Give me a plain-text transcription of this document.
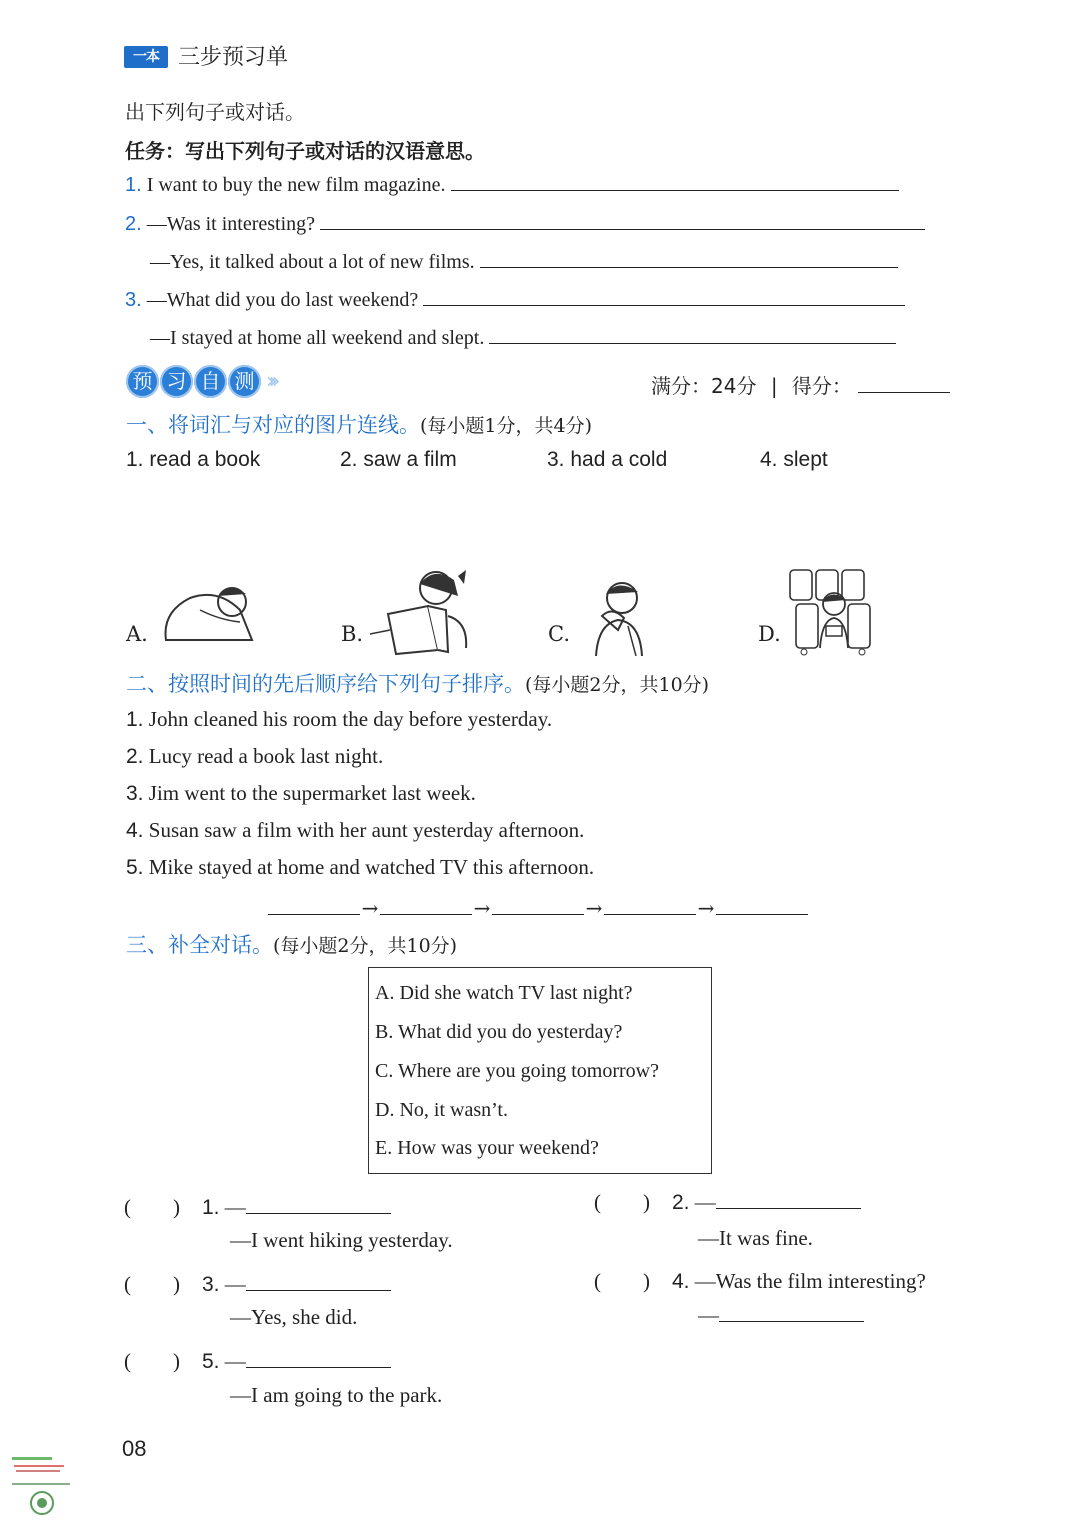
一本 三步预习单
出下列句子或对话。
任务：写出下列句子或对话的汉语意思。
1. I want to buy the new film magazine.
2. —Was it interesting?
—Yes, it talked about a lot of new films.
3. —What did you do last weekend?
—I stayed at home all weekend and slept.
预 习 自 测 ›››	满分：24分 | 得分：
一、将词汇与对应的图片连线。(每小题1分，共4分)
1. read a book	2. saw a film	3. had a cold	4. slept
A.	B.	C.	D.
二、按照时间的先后顺序给下列句子排序。(每小题2分，共10分)
1. John cleaned his room the day before yesterday.
2. Lucy read a book last night.
3. Jim went to the supermarket last week.
4. Susan saw a film with her aunt yesterday afternoon.
5. Mike stayed at home and watched TV this afternoon.
→	→	→	→
三、补全对话。(每小题2分，共10分)
A. Did she watch TV last night?
B. What did you do yesterday?
C. Where are you going tomorrow?
D. No, it wasn’t.
E. How was your weekend?
(　　) 1. —
—I went hiking yesterday.
(　　) 2. —
—It was fine.
(　　) 3. —
—Yes, she did.
(　　) 4. —Was the film interesting?
—
(　　) 5. —
—I am going to the park.
08
